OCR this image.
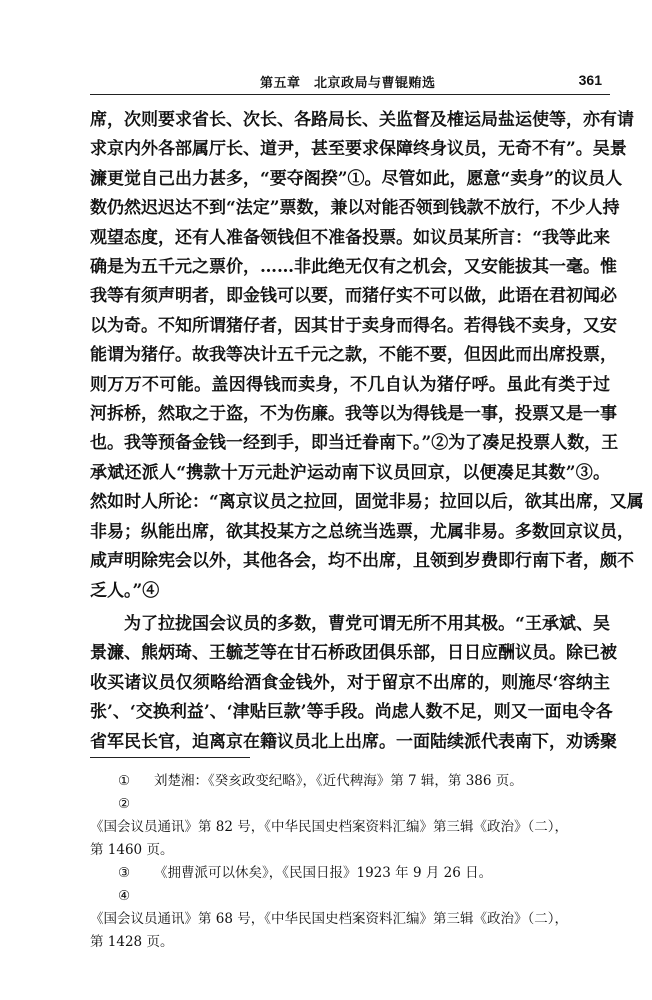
第五章　北京政局与曹锟贿选	361
席，次则要求省长、次长、各路局长、关监督及榷运局盐运使等，亦有请
求京内外各部属厅长、道尹，甚至要求保障终身议员，无奇不有”。吴景
濂更觉自己出力甚多，“要夺阁揆”①。尽管如此，愿意“卖身”的议员人
数仍然迟迟达不到“法定”票数，兼以对能否领到钱款不放行，不少人持
观望态度，还有人准备领钱但不准备投票。如议员某所言：“我等此来
确是为五千元之票价，……非此绝无仅有之机会，又安能拔其一毫。惟
我等有须声明者，即金钱可以要，而猪仔实不可以做，此语在君初闻必
以为奇。不知所谓猪仔者，因其甘于卖身而得名。若得钱不卖身，又安
能谓为猪仔。故我等决计五千元之款，不能不要，但因此而出席投票，
则万万不可能。盖因得钱而卖身，不几自认为猪仔呼。虽此有类于过
河拆桥，然取之于盗，不为伤廉。我等以为得钱是一事，投票又是一事
也。我等预备金钱一经到手，即当迁眷南下。”②为了凑足投票人数，王
承斌还派人“携款十万元赴沪运动南下议员回京，以便凑足其数”③。
然如时人所论：“离京议员之拉回，固觉非易；拉回以后，欲其出席，又属
非易；纵能出席，欲其投某方之总统当选票，尤属非易。多数回京议员，
咸声明除宪会以外，其他各会，均不出席，且领到岁费即行南下者，颇不
乏人。”④
　　为了拉拢国会议员的多数，曹党可谓无所不用其极。“王承斌、吴
景濂、熊炳琦、王毓芝等在甘石桥政团俱乐部，日日应酬议员。除已被
收买诸议员仅须略给酒食金钱外，对于留京不出席的，则施尽‘容纳主
张’、‘交换利益’、‘津贴巨款’等手段。尚虑人数不足，则又一面电令各
省军民长官，迫离京在籍议员北上出席。一面陆续派代表南下，劝诱聚
① 刘楚湘：《癸亥政变纪略》，《近代稗海》第 7 辑，第 386 页。
②《国会议员通讯》第 82 号，《中华民国史档案资料汇编》第三辑《政治》（二），
第 1460 页。
③ 《拥曹派可以休矣》，《民国日报》1923 年 9 月 26 日。
④《国会议员通讯》第 68 号，《中华民国史档案资料汇编》第三辑《政治》（二），
第 1428 页。
